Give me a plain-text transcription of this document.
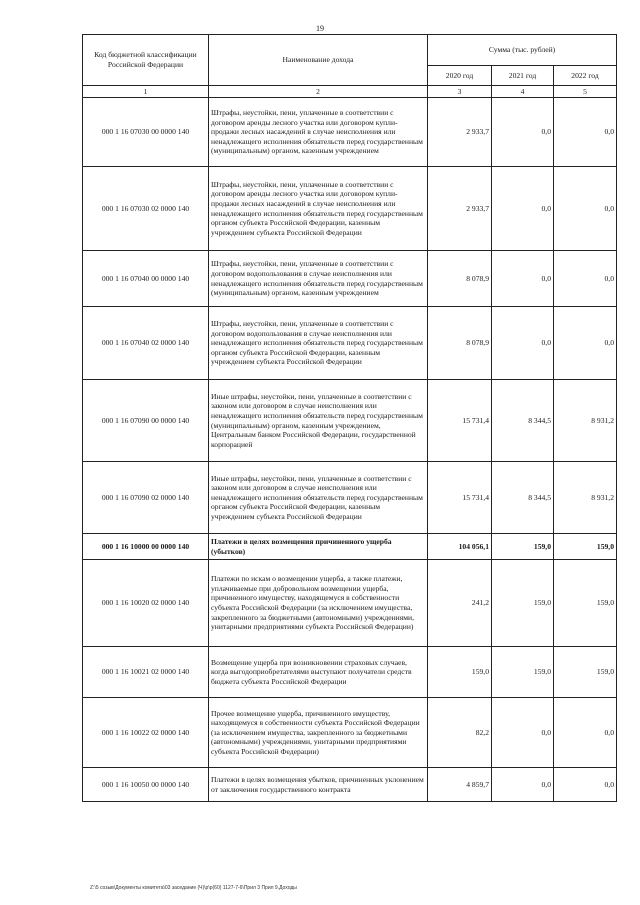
19
Код бюджетной классификации Российской Федерации	Наименование дохода	Сумма (тыс. рублей)		
		2020 год	2021 год	2022 год
1	2	3	4	5
000 1 16 07030 00 0000 140	Штрафы, неустойки, пени, уплаченные в соответствии с договором аренды лесного участка или договором купли-продажи лесных насаждений в случае неисполнения или ненадлежащего исполнения обязательств перед государственным (муниципальным) органом, казенным учреждением	2 933,7	0,0	0,0
000 1 16 07030 02 0000 140	Штрафы, неустойки, пени, уплаченные в соответствии с договором аренды лесного участка или договором купли-продажи лесных насаждений в случае неисполнения или ненадлежащего исполнения обязательств перед государственным органом субъекта Российской Федерации, казенным учреждением субъекта Российской Федерации	2 933,7	0,0	0,0
000 1 16 07040 00 0000 140	Штрафы, неустойки, пени, уплаченные в соответствии с договором водопользования в случае неисполнения или ненадлежащего исполнения обязательств перед государственным (муниципальным) органом, казенным учреждением	8 078,9	0,0	0,0
000 1 16 07040 02 0000 140	Штрафы, неустойки, пени, уплаченные в соответствии с договором водопользования в случае неисполнения или ненадлежащего исполнения обязательств перед государственным органом субъекта Российской Федерации, казенным учреждением субъекта Российской Федерации	8 078,9	0,0	0,0
000 1 16 07090 00 0000 140	Иные штрафы, неустойки, пени, уплаченные в соответствии с законом или договором в случае неисполнения или ненадлежащего исполнения обязательств перед государственным (муниципальным) органом, казенным учреждением, Центральным банком Российской Федерации, государственной корпорацией	15 731,4	8 344,5	8 931,2
000 1 16 07090 02 0000 140	Иные штрафы, неустойки, пени, уплаченные в соответствии с законом или договором в случае неисполнения или ненадлежащего исполнения обязательств перед государственным органом субъекта Российской Федерации, казенным учреждением субъекта Российской Федерации	15 731,4	8 344,5	8 931,2
000 1 16 10000 00 0000 140	Платежи в целях возмещения причиненного ущерба (убытков)	104 056,1	159,0	159,0
000 1 16 10020 02 0000 140	Платежи по искам о возмещении ущерба, а также платежи, уплачиваемые при добровольном возмещении ущерба, причиненного имуществу, находящемуся в собственности субъекта Российской Федерации (за исключением имущества, закрепленного за бюджетными (автономными) учреждениями, унитарными предприятиями субъекта Российской Федерации)	241,2	159,0	159,0
000 1 16 10021 02 0000 140	Возмещение ущерба при возникновении страховых случаев, когда выгодоприобретателями выступают получатели средств бюджета субъекта Российской Федерации	159,0	159,0	159,0
000 1 16 10022 02 0000 140	Прочее возмещение ущерба, причиненного имуществу, находящемуся в собственности субъекта Российской Федерации (за исключением имущества, закрепленного за бюджетными (автономными) учреждениями, унитарными предприятиями субъекта Российской Федерации)	82,2	0,0	0,0
000 1 16 10050 00 0000 140	Платежи в целях возмещения убытков, причиненных уклонением от заключения государственного контракта	4 859,7	0,0	0,0
Z:\5 созыв\Документы комитета\03 заседание (Ч)\р\р(60) 1127-7-6\Прил 3 Прил 9.Доходы
